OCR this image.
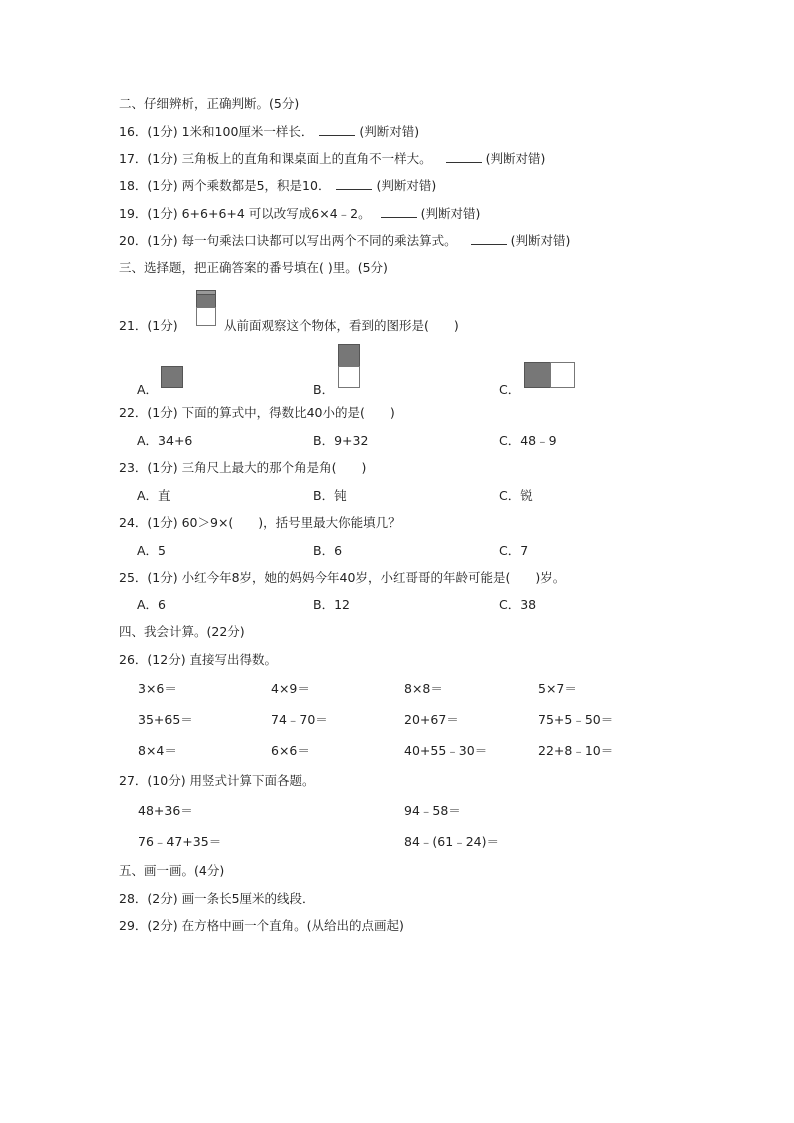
二、仔细辨析，正确判断。(5分)
16．(1分) 1米和100厘米一样长．	(判断对错)
17．(1分) 三角板上的直角和课桌面上的直角不一样大。	(判断对错)
18．(1分) 两个乘数都是5，积是10．	(判断对错)
19．(1分) 6+6+6+4 可以改写成6×4﹣2。	(判断对错)
20．(1分) 每一句乘法口诀都可以写出两个不同的乘法算式。	(判断对错)
三、选择题，把正确答案的番号填在( )里。(5分)
21．(1分)	从前面观察这个物体，看到的图形是(　　)
A．	B．	C．
22．(1分) 下面的算式中，得数比40小的是(　　)
A．34+6	B．9+32	C．48﹣9
23．(1分) 三角尺上最大的那个角是角(　　)
A．直	B．钝	C．锐
24．(1分) 60＞9×(　　)，括号里最大你能填几？
A．5	B．6	C．7
25．(1分) 小红今年8岁，她的妈妈今年40岁，小红哥哥的年龄可能是(　　)岁。
A．6	B．12	C．38
四、我会计算。(22分)
26．(12分) 直接写出得数。
3×6＝	4×9＝	8×8＝	5×7＝
35+65＝	74﹣70＝	20+67＝	75+5﹣50＝
8×4＝	6×6＝	40+55﹣30＝	22+8﹣10＝
27．(10分) 用竖式计算下面各题。
48+36＝	94﹣58＝
76﹣47+35＝	84﹣(61﹣24)＝
五、画一画。(4分)
28．(2分) 画一条长5厘米的线段．
29．(2分) 在方格中画一个直角。(从给出的点画起)
